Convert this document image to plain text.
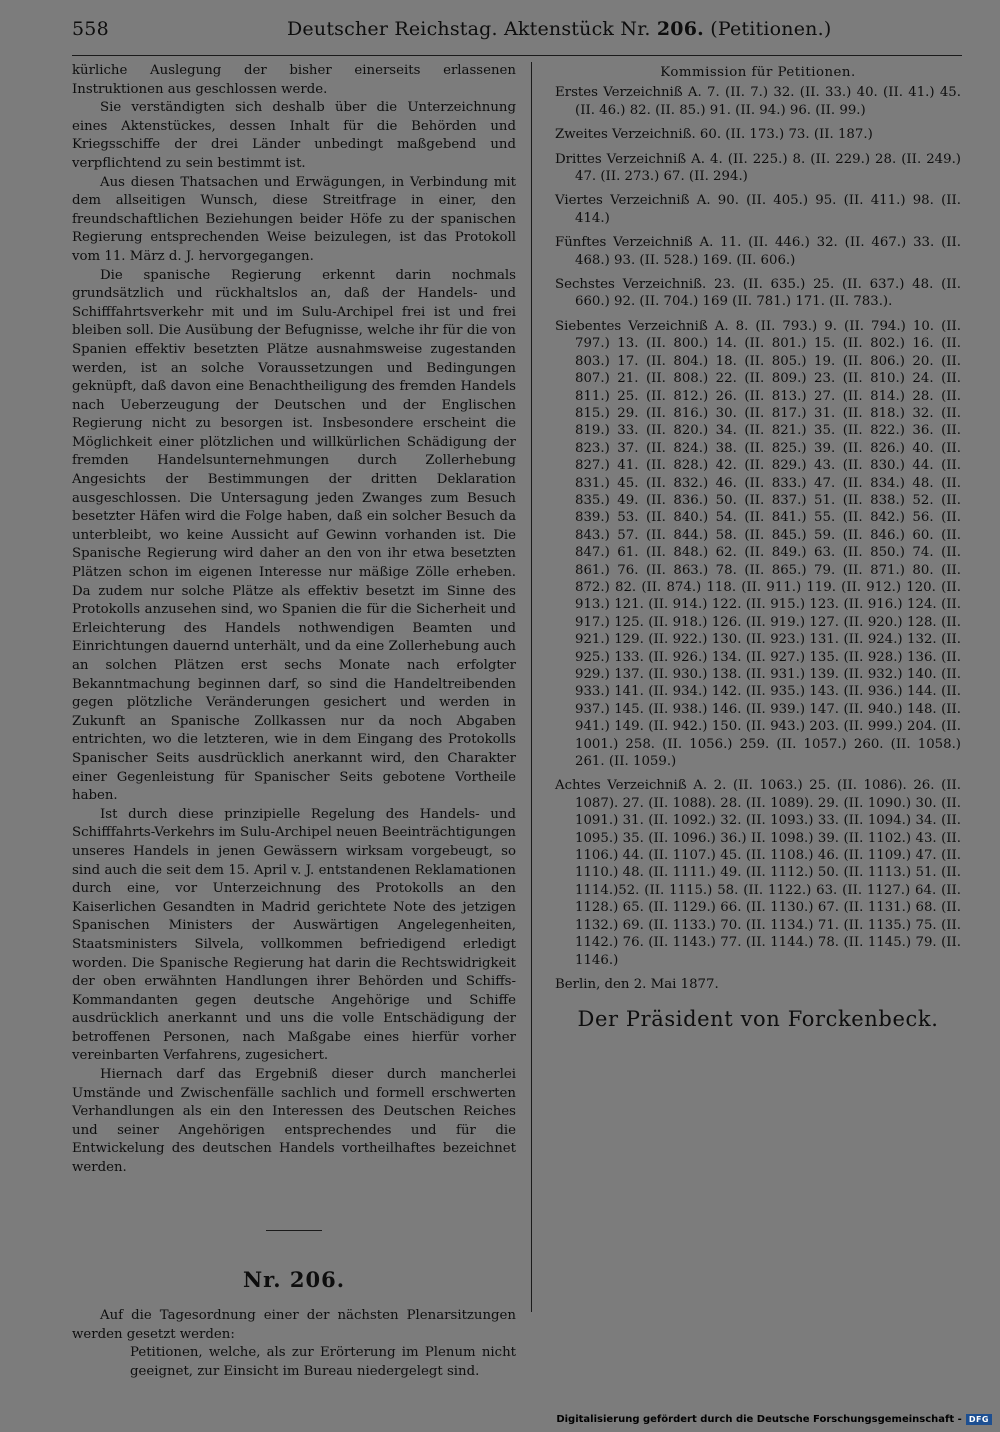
558	Deutscher Reichstag. Aktenstück Nr. 206. (Petitionen.)

kürliche Auslegung der bisher einerseits erlassenen Instruktionen aus geschlossen werde.

Sie verständigten sich deshalb über die Unterzeichnung eines Aktenstückes, dessen Inhalt für die Behörden und Kriegsschiffe der drei Länder unbedingt maßgebend und verpflichtend zu sein bestimmt ist.

Aus diesen Thatsachen und Erwägungen, in Verbindung mit dem allseitigen Wunsch, diese Streitfrage in einer, den freundschaftlichen Beziehungen beider Höfe zu der spanischen Regierung entsprechenden Weise beizulegen, ist das Protokoll vom 11. März d. J. hervorgegangen.

Die spanische Regierung erkennt darin nochmals grundsätzlich und rückhaltslos an, daß der Handels- und Schifffahrtsverkehr mit und im Sulu-Archipel frei ist und frei bleiben soll. Die Ausübung der Befugnisse, welche ihr für die von Spanien effektiv besetzten Plätze ausnahmsweise zugestanden werden, ist an solche Voraussetzungen und Bedingungen geknüpft, daß davon eine Benachtheiligung des fremden Handels nach Ueberzeugung der Deutschen und der Englischen Regierung nicht zu besorgen ist. Insbesondere erscheint die Möglichkeit einer plötzlichen und willkürlichen Schädigung der fremden Handelsunternehmungen durch Zollerhebung Angesichts der Bestimmungen der dritten Deklaration ausgeschlossen. Die Untersagung jeden Zwanges zum Besuch besetzter Häfen wird die Folge haben, daß ein solcher Besuch da unterbleibt, wo keine Aussicht auf Gewinn vorhanden ist. Die Spanische Regierung wird daher an den von ihr etwa besetzten Plätzen schon im eigenen Interesse nur mäßige Zölle erheben. Da zudem nur solche Plätze als effektiv besetzt im Sinne des Protokolls anzusehen sind, wo Spanien die für die Sicherheit und Erleichterung des Handels nothwendigen Beamten und Einrichtungen dauernd unterhält, und da eine Zollerhebung auch an solchen Plätzen erst sechs Monate nach erfolgter Bekanntmachung beginnen darf, so sind die Handeltreibenden gegen plötzliche Veränderungen gesichert und werden in Zukunft an Spanische Zollkassen nur da noch Abgaben entrichten, wo die letzteren, wie in dem Eingang des Protokolls Spanischer Seits ausdrücklich anerkannt wird, den Charakter einer Gegenleistung für Spanischer Seits gebotene Vortheile haben.

Ist durch diese prinzipielle Regelung des Handels- und Schifffahrts-Verkehrs im Sulu-Archipel neuen Beeinträchtigungen unseres Handels in jenen Gewässern wirksam vorgebeugt, so sind auch die seit dem 15. April v. J. entstandenen Reklamationen durch eine, vor Unterzeichnung des Protokolls an den Kaiserlichen Gesandten in Madrid gerichtete Note des jetzigen Spanischen Ministers der Auswärtigen Angelegenheiten, Staatsministers Silvela, vollkommen befriedigend erledigt worden. Die Spanische Regierung hat darin die Rechtswidrigkeit der oben erwähnten Handlungen ihrer Behörden und Schiffs-Kommandanten gegen deutsche Angehörige und Schiffe ausdrücklich anerkannt und uns die volle Entschädigung der betroffenen Personen, nach Maßgabe eines hierfür vorher vereinbarten Verfahrens, zugesichert.

Hiernach darf das Ergebniß dieser durch mancherlei Umstände und Zwischenfälle sachlich und formell erschwerten Verhandlungen als ein den Interessen des Deutschen Reiches und seiner Angehörigen entsprechendes und für die Entwickelung des deutschen Handels vortheilhaftes bezeichnet werden.

Nr. 206.

Auf die Tagesordnung einer der nächsten Plenarsitzungen werden gesetzt werden:

Petitionen, welche, als zur Erörterung im Plenum nicht geeignet, zur Einsicht im Bureau niedergelegt sind.

Kommission für Petitionen.

Erstes Verzeichniß A. 7. (II. 7.) 32. (II. 33.) 40. (II. 41.) 45. (II. 46.) 82. (II. 85.) 91. (II. 94.) 96. (II. 99.)

Zweites Verzeichniß. 60. (II. 173.) 73. (II. 187.)

Drittes Verzeichniß A. 4. (II. 225.) 8. (II. 229.) 28. (II. 249.) 47. (II. 273.) 67. (II. 294.)

Viertes Verzeichniß A. 90. (II. 405.) 95. (II. 411.) 98. (II. 414.)

Fünftes Verzeichniß A. 11. (II. 446.) 32. (II. 467.) 33. (II. 468.) 93. (II. 528.) 169. (II. 606.)

Sechstes Verzeichniß. 23. (II. 635.) 25. (II. 637.) 48. (II. 660.) 92. (II. 704.) 169 (II. 781.) 171. (II. 783.).

Siebentes Verzeichniß A. 8. (II. 793.) 9. (II. 794.) 10. (II. 797.) 13. (II. 800.) 14. (II. 801.) 15. (II. 802.) 16. (II. 803.) 17. (II. 804.) 18. (II. 805.) 19. (II. 806.) 20. (II. 807.) 21. (II. 808.) 22. (II. 809.) 23. (II. 810.) 24. (II. 811.) 25. (II. 812.) 26. (II. 813.) 27. (II. 814.) 28. (II. 815.) 29. (II. 816.) 30. (II. 817.) 31. (II. 818.) 32. (II. 819.) 33. (II. 820.) 34. (II. 821.) 35. (II. 822.) 36. (II. 823.) 37. (II. 824.) 38. (II. 825.) 39. (II. 826.) 40. (II. 827.) 41. (II. 828.) 42. (II. 829.) 43. (II. 830.) 44. (II. 831.) 45. (II. 832.) 46. (II. 833.) 47. (II. 834.) 48. (II. 835.) 49. (II. 836.) 50. (II. 837.) 51. (II. 838.) 52. (II. 839.) 53. (II. 840.) 54. (II. 841.) 55. (II. 842.) 56. (II. 843.) 57. (II. 844.) 58. (II. 845.) 59. (II. 846.) 60. (II. 847.) 61. (II. 848.) 62. (II. 849.) 63. (II. 850.) 74. (II. 861.) 76. (II. 863.) 78. (II. 865.) 79. (II. 871.) 80. (II. 872.) 82. (II. 874.) 118. (II. 911.) 119. (II. 912.) 120. (II. 913.) 121. (II. 914.) 122. (II. 915.) 123. (II. 916.) 124. (II. 917.) 125. (II. 918.) 126. (II. 919.) 127. (II. 920.) 128. (II. 921.) 129. (II. 922.) 130. (II. 923.) 131. (II. 924.) 132. (II. 925.) 133. (II. 926.) 134. (II. 927.) 135. (II. 928.) 136. (II. 929.) 137. (II. 930.) 138. (II. 931.) 139. (II. 932.) 140. (II. 933.) 141. (II. 934.) 142. (II. 935.) 143. (II. 936.) 144. (II. 937.) 145. (II. 938.) 146. (II. 939.) 147. (II. 940.) 148. (II. 941.) 149. (II. 942.) 150. (II. 943.) 203. (II. 999.) 204. (II. 1001.) 258. (II. 1056.) 259. (II. 1057.) 260. (II. 1058.) 261. (II. 1059.)

Achtes Verzeichniß A. 2. (II. 1063.) 25. (II. 1086). 26. (II. 1087). 27. (II. 1088). 28. (II. 1089). 29. (II. 1090.) 30. (II. 1091.) 31. (II. 1092.) 32. (II. 1093.) 33. (II. 1094.) 34. (II. 1095.) 35. (II. 1096.) 36.) II. 1098.) 39. (II. 1102.) 43. (II. 1106.) 44. (II. 1107.) 45. (II. 1108.) 46. (II. 1109.) 47. (II. 1110.) 48. (II. 1111.) 49. (II. 1112.) 50. (II. 1113.) 51. (II. 1114.)52. (II. 1115.) 58. (II. 1122.) 63. (II. 1127.) 64. (II. 1128.) 65. (II. 1129.) 66. (II. 1130.) 67. (II. 1131.) 68. (II. 1132.) 69. (II. 1133.) 70. (II. 1134.) 71. (II. 1135.) 75. (II. 1142.) 76. (II. 1143.) 77. (II. 1144.) 78. (II. 1145.) 79. (II. 1146.)

Berlin, den 2. Mai 1877.
Der Präsident von Forckenbeck.
Digitalisierung gefördert durch die Deutsche Forschungsgemeinschaft - DFG
